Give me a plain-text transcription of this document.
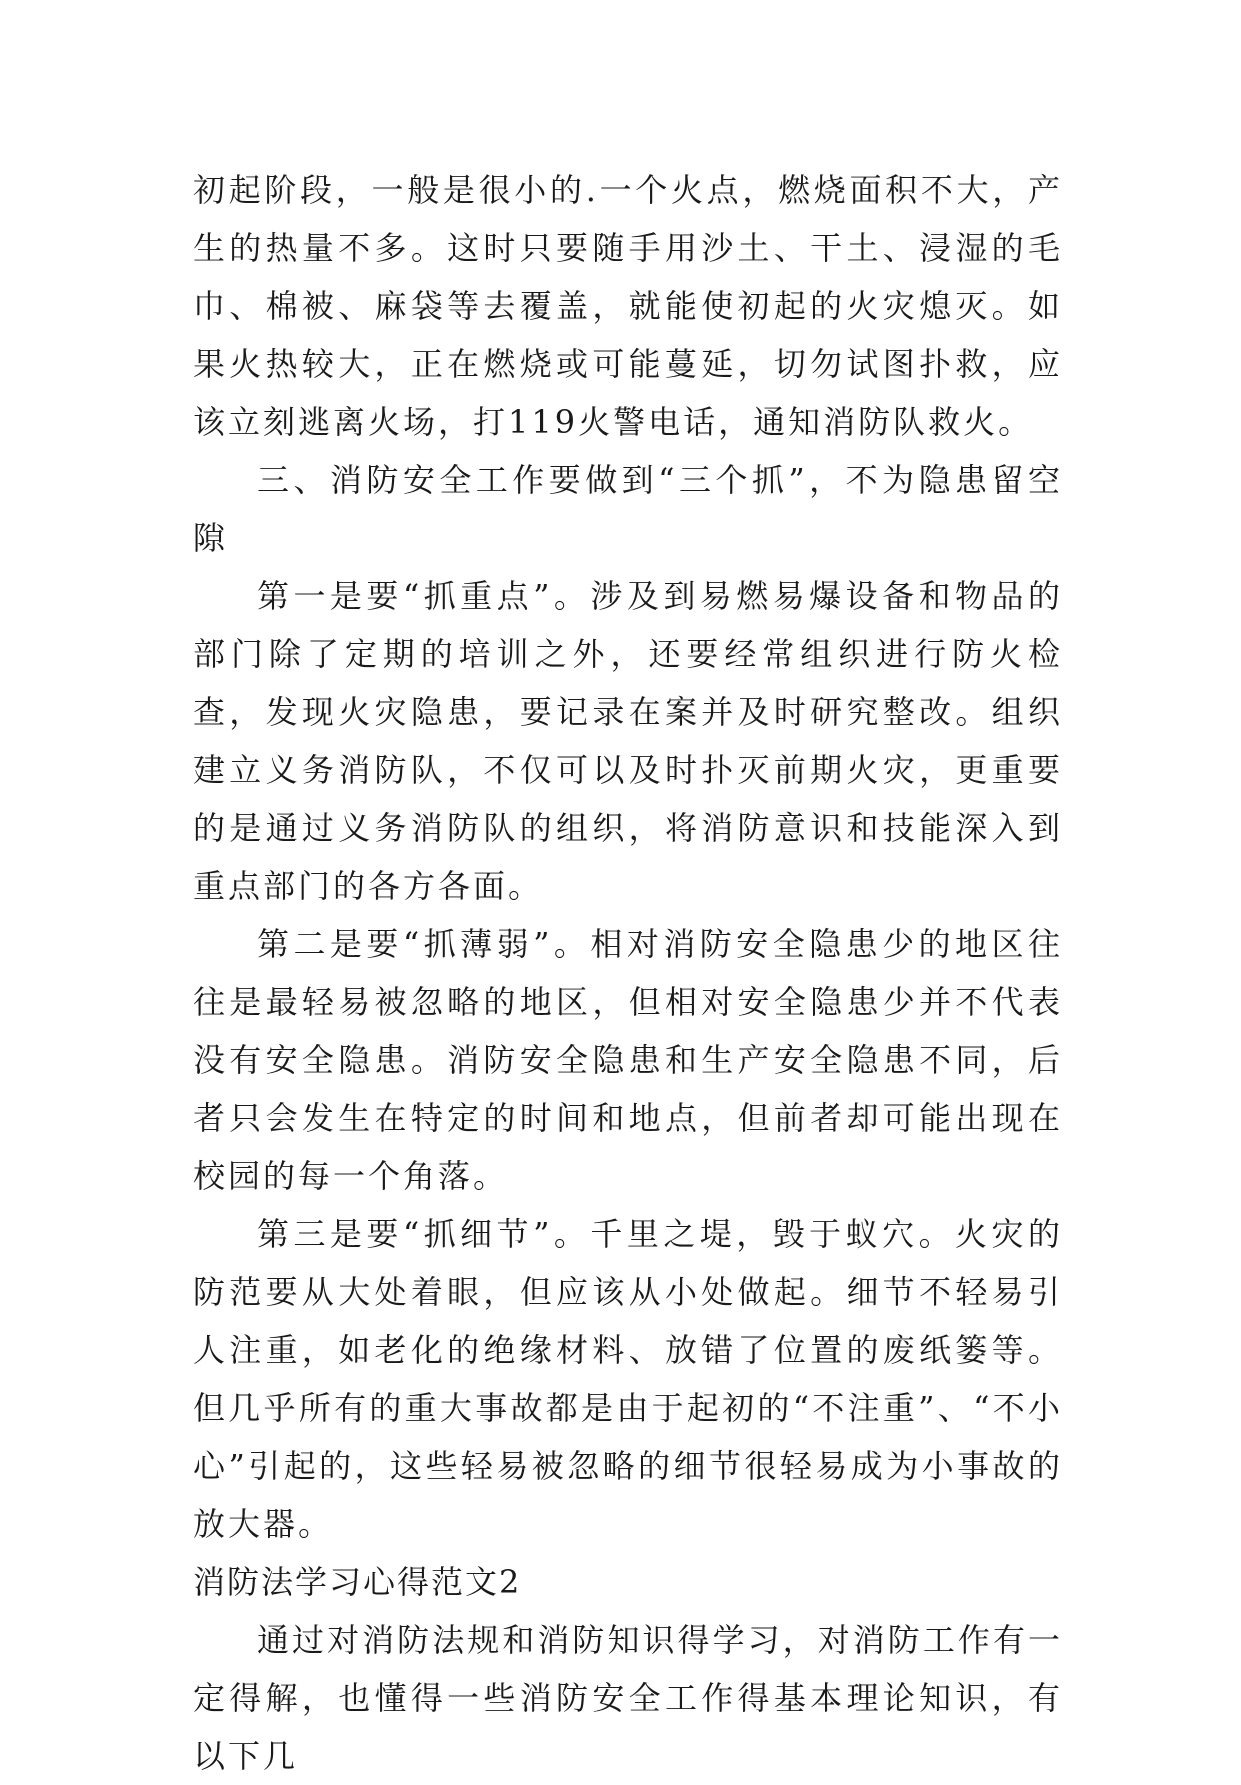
初起阶段，一般是很小的.一个火点，燃烧面积不大，产生的热量不多。这时只要随手用沙土、干土、浸湿的毛巾、棉被、麻袋等去覆盖，就能使初起的火灾熄灭。如果火热较大，正在燃烧或可能蔓延，切勿试图扑救，应该立刻逃离火场，打119火警电话，通知消防队救火。

三、消防安全工作要做到“三个抓”，不为隐患留空隙

第一是要“抓重点”。涉及到易燃易爆设备和物品的部门除了定期的培训之外，还要经常组织进行防火检查，发现火灾隐患，要记录在案并及时研究整改。组织建立义务消防队，不仅可以及时扑灭前期火灾，更重要的是通过义务消防队的组织，将消防意识和技能深入到重点部门的各方各面。

第二是要“抓薄弱”。相对消防安全隐患少的地区往往是最轻易被忽略的地区，但相对安全隐患少并不代表没有安全隐患。消防安全隐患和生产安全隐患不同，后者只会发生在特定的时间和地点，但前者却可能出现在校园的每一个角落。

第三是要“抓细节”。千里之堤，毁于蚁穴。火灾的防范要从大处着眼，但应该从小处做起。细节不轻易引人注重，如老化的绝缘材料、放错了位置的废纸篓等。但几乎所有的重大事故都是由于起初的“不注重”、“不小心”引起的，这些轻易被忽略的细节很轻易成为小事故的放大器。

消防法学习心得范文2

通过对消防法规和消防知识得学习，对消防工作有一定得解，也懂得一些消防安全工作得基本理论知识，有以下几
